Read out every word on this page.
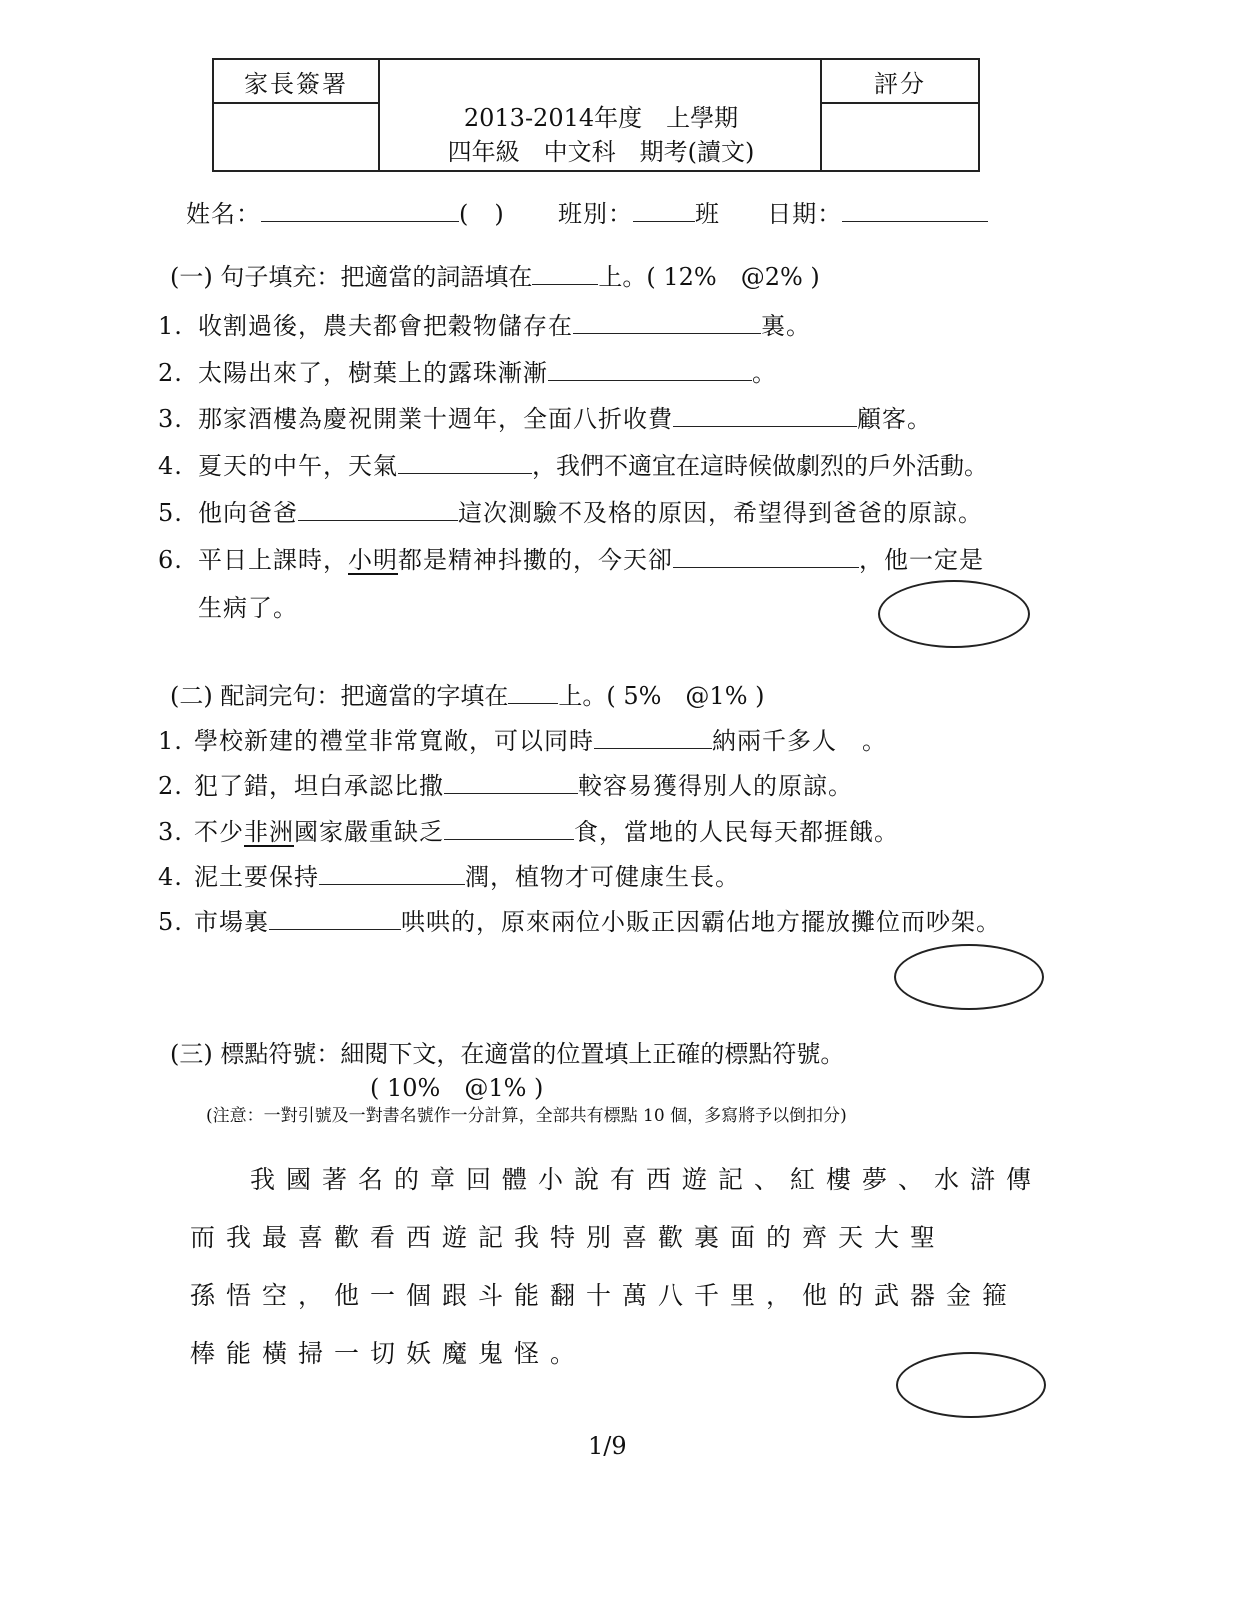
家長簽署	評分
2013-2014年度　上學期
四年級　中文科　期考(讀文)
姓名：	(　) 班別：	班 日期：
(一) 句子填充：把適當的詞語填在	上。( 12%　@2% )
1. 收割過後，農夫都會把穀物儲存在	裏。
2. 太陽出來了，樹葉上的露珠漸漸	。
3. 那家酒樓為慶祝開業十週年，全面八折收費	顧客。
4. 夏天的中午，天氣	，我們不適宜在這時候做劇烈的戶外活動。
5. 他向爸爸	這次測驗不及格的原因，希望得到爸爸的原諒。
6. 平日上課時，小明都是精神抖擻的，今天卻	，他一定是
生病了。
(二) 配詞完句：把適當的字填在 上。( 5%　@1% )
1. 學校新建的禮堂非常寬敞，可以同時	納兩千多人　。
2. 犯了錯，坦白承認比撒	較容易獲得別人的原諒。
3. 不少非洲國家嚴重缺乏	食，當地的人民每天都捱餓。
4. 泥土要保持	潤，植物才可健康生長。
5. 市場裏	哄哄的，原來兩位小販正因霸佔地方擺放攤位而吵架。
(三) 標點符號：細閱下文，在適當的位置填上正確的標點符號。
( 10%　@1% )
(注意：一對引號及一對書名號作一分計算，全部共有標點 10 個，多寫將予以倒扣分)
我國著名的章回體小說有西遊記、紅樓夢、水滸傳
而我最喜歡看西遊記我特別喜歡裏面的齊天大聖
孫悟空，他一個跟斗能翻十萬八千里，他的武器金箍
棒能橫掃一切妖魔鬼怪。
1/9
